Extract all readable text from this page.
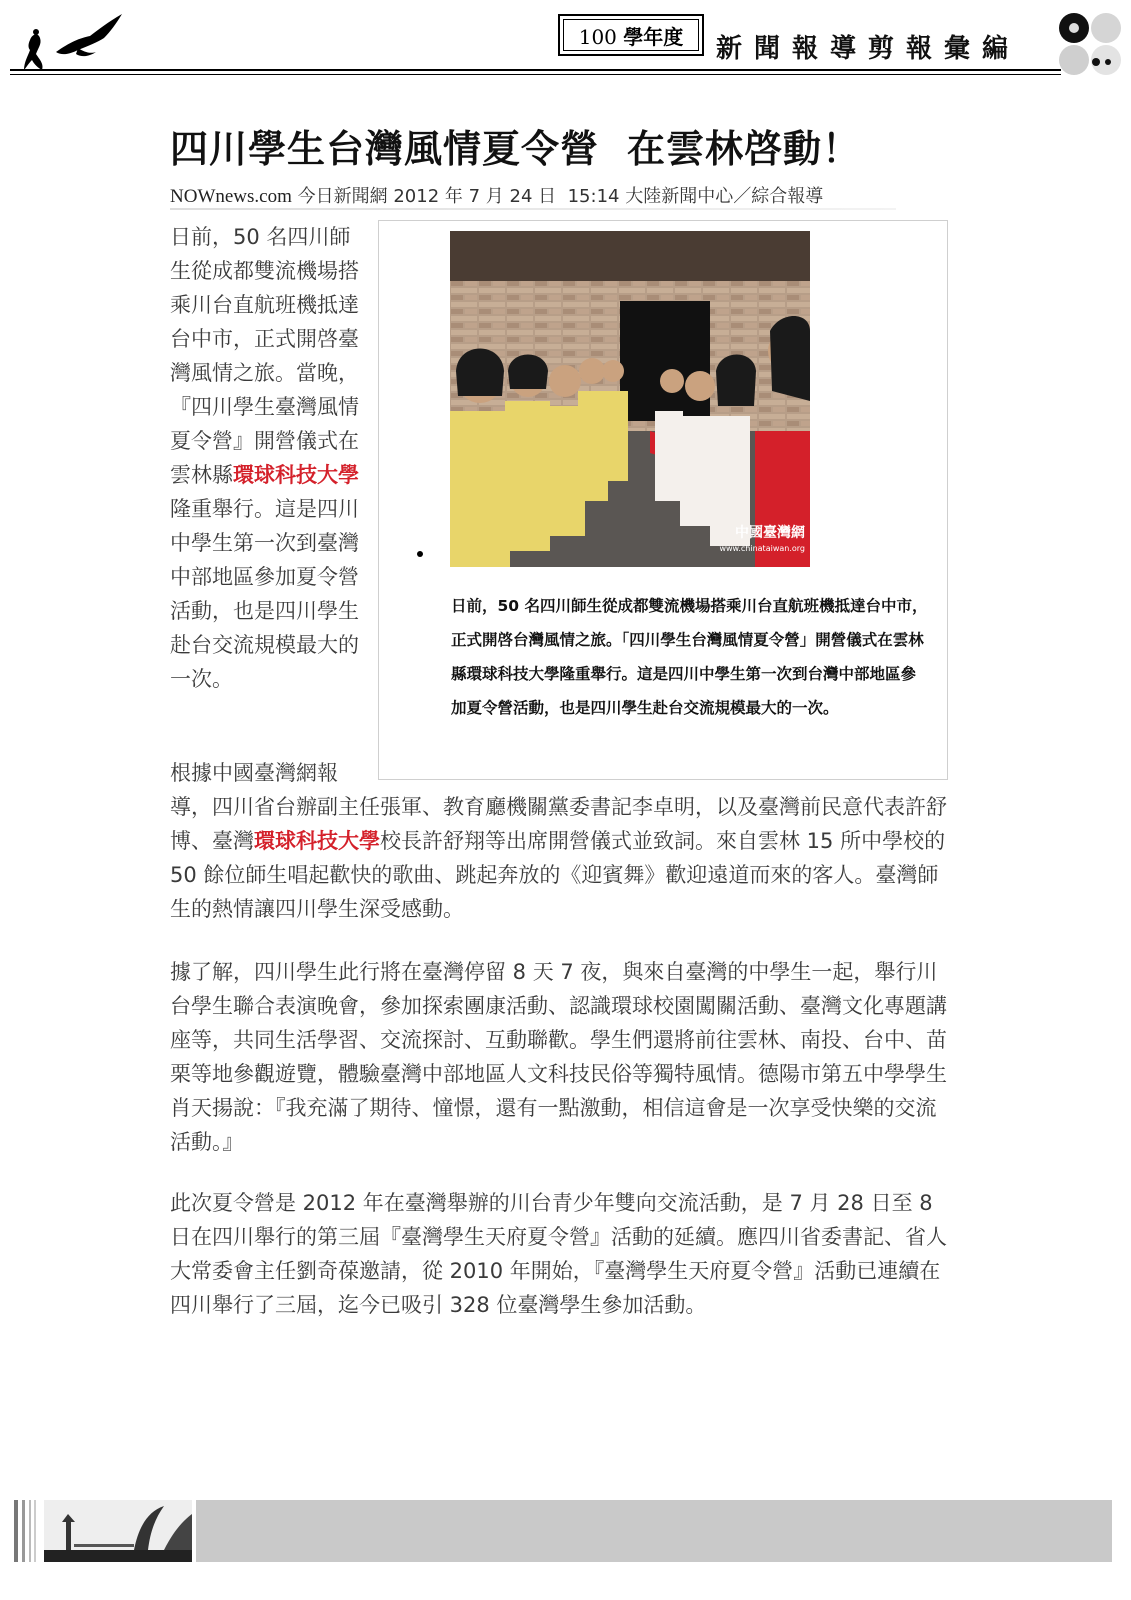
100 學年度 新聞報導剪報彙編
四川學生台灣風情夏令營 在雲林啓動！
NOWnews.com 今日新聞網 2012 年 7 月 24 日 15:14 大陸新聞中心／綜合報導
日前，50 名四川師生從成都雙流機場搭乘川台直航班機抵達台中市，正式開啓臺灣風情之旅。當晚，『四川學生臺灣風情夏令營』開營儀式在雲林縣環球科技大學隆重舉行。這是四川中學生第一次到臺灣中部地區參加夏令營活動，也是四川學生赴台交流規模最大的一次。
中國臺灣網
www.chinataiwan.org
日前，50 名四川師生從成都雙流機場搭乘川台直航班機抵達台中市，正式開啓台灣風情之旅。「四川學生台灣風情夏令營」開營儀式在雲林縣環球科技大學隆重舉行。這是四川中學生第一次到台灣中部地區參加夏令營活動，也是四川學生赴台交流規模最大的一次。
根據中國臺灣網報
導，四川省台辦副主任張軍、教育廳機關黨委書記李卓明，以及臺灣前民意代表許舒博、臺灣環球科技大學校長許舒翔等出席開營儀式並致詞。來自雲林 15 所中學校的 50 餘位師生唱起歡快的歌曲、跳起奔放的《迎賓舞》歡迎遠道而來的客人。臺灣師生的熱情讓四川學生深受感動。
據了解，四川學生此行將在臺灣停留 8 天 7 夜，與來自臺灣的中學生一起，舉行川台學生聯合表演晚會，參加探索團康活動、認識環球校園闖關活動、臺灣文化專題講座等，共同生活學習、交流探討、互動聯歡。學生們還將前往雲林、南投、台中、苗栗等地參觀遊覽，體驗臺灣中部地區人文科技民俗等獨特風情。德陽市第五中學學生肖天揚說：『我充滿了期待、憧憬，還有一點激動，相信這會是一次享受快樂的交流活動。』
此次夏令營是 2012 年在臺灣舉辦的川台青少年雙向交流活動，是 7 月 28 日至 8 日在四川舉行的第三屆『臺灣學生天府夏令營』活動的延續。應四川省委書記、省人大常委會主任劉奇葆邀請，從 2010 年開始，『臺灣學生天府夏令營』活動已連續在四川舉行了三屆，迄今已吸引 328 位臺灣學生參加活動。
